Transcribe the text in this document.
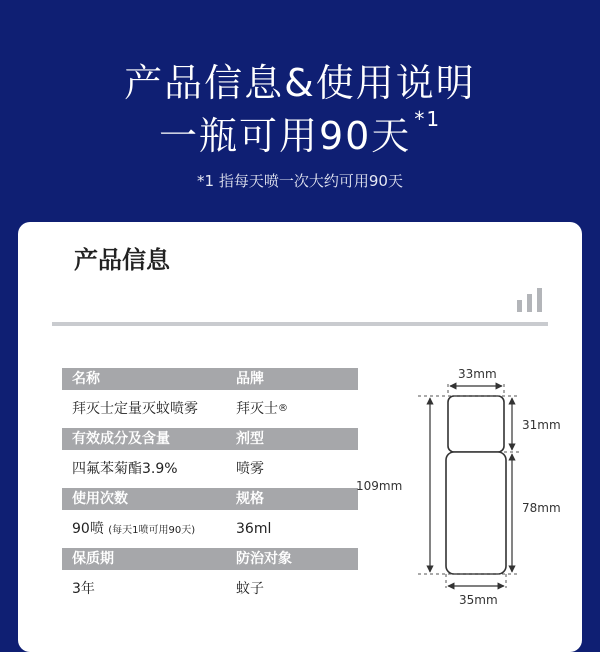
产品信息&使用说明
一瓶可用90天 $^{*1}$
*1 指每天喷一次大约可用90天
产品信息
名称	品牌
拜灭士定量灭蚊喷雾	拜灭士®
有效成分及含量	剂型
四氟苯菊酯3.9%	喷雾
使用次数	规格
90喷 (每天1喷可用90天)	36ml
保质期	防治对象
3年	蚊子
33mm
31mm
109mm
78mm
35mm
